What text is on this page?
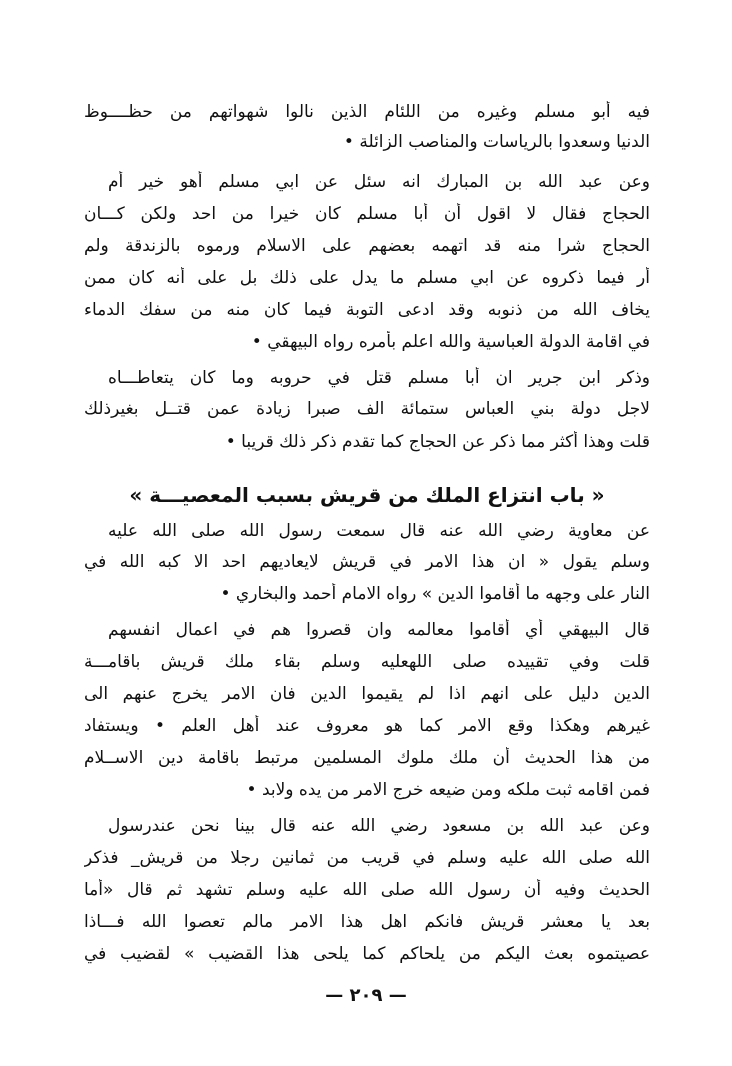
فيه أبو مسلم وغيره من اللئام الذين نالوا شهواتهم من حظــــوظ
الدنيا وسعدوا بالرياسات والمناصب الزائلة •
وعن عبد الله بن المبارك انه سئل عن ابي مسلم أهو خير أم
الحجاج فقال لا اقول أن أبا مسلم كان خيرا من احد ولكن كـــان
الحجاج شرا منه قد اتهمه بعضهم على الاسلام ورموه بالزندقة ولم
أر فيما ذكروه عن ابي مسلم ما يدل على ذلك بل على أنه كان ممن
يخاف الله من ذنوبه وقد ادعى التوبة فيما كان منه من سفك الدماء
في اقامة الدولة العباسية والله اعلم بأمره رواه البيهقي •
وذكر ابن جرير ان أبا مسلم قتل في حروبه وما كان يتعاطـــاه
لاجل دولة بني العباس ستمائة الف صبرا زيادة عمن قتــل بغيرذلك
قلت وهذا أكثر مما ذكر عن الحجاج كما تقدم ذكر ذلك قريبا •
« باب انتزاع الملك من قريش بسبب المعصيـــة »
عن معاوية رضي الله عنه قال سمعت رسول الله صلى الله عليه
وسلم يقول « ان هذا الامر في قريش لايعاديهم احد الا كبه الله في
النار على وجهه ما أقاموا الدين » رواه الامام أحمد والبخاري •
قال البيهقي أي أقاموا معالمه وان قصروا هم في اعمال انفسهم
قلت وفي تقييده صلى اللهعليه وسلم بقاء ملك قريش باقامـــة
الدين دليل على انهم اذا لم يقيموا الدين فان الامر يخرج عنهم الى
غيرهم وهكذا وقع الامر كما هو معروف عند أهل العلم • ويستفاد
من هذا الحديث أن ملك ملوك المسلمين مرتبط باقامة دين الاســلام
فمن اقامه ثبت ملكه ومن ضيعه خرج الامر من يده ولابد •
وعن عبد الله بن مسعود رضي الله عنه قال بينا نحن عندرسول
الله صلى الله عليه وسلم في قريب من ثمانين رجلا من قريش_ فذكر
الحديث وفيه أن رسول الله صلى الله عليه وسلم تشهد ثم قال «أما
بعد يا معشر قريش فانكم اهل هذا الامر مالم تعصوا الله فـــاذا
عصيتموه بعث اليكم من يلحاكم كما يلحى هذا القضيب » لقضيب في
— ٢٠٩ —
